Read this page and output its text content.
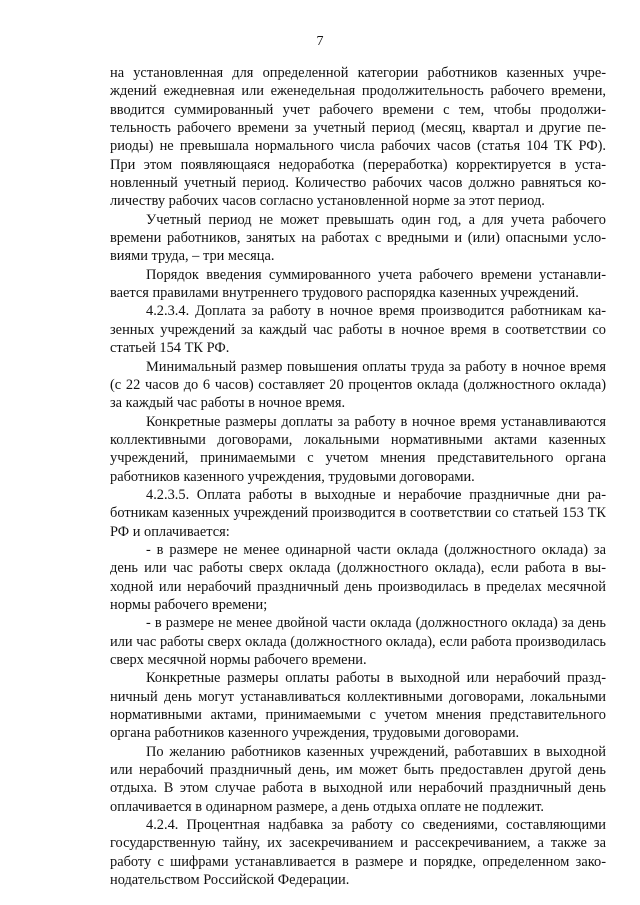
7

на установленная для определенной категории работников казенных учреждений ежедневная или еженедельная продолжительность рабочего времени, вводится суммированный учет рабочего времени с тем, чтобы продолжительность рабочего времени за учетный период (месяц, квартал и другие периоды) не превышала нормального числа рабочих часов (статья 104 ТК РФ). При этом появляющаяся недоработка (переработка) корректируется в установленный учетный период. Количество рабочих часов должно равняться количеству рабочих часов согласно установленной норме за этот период.

Учетный период не может превышать один год, а для учета рабочего времени работников, занятых на работах с вредными и (или) опасными условиями труда, – три месяца.

Порядок введения суммированного учета рабочего времени устанавливается правилами внутреннего трудового распорядка казенных учреждений.

4.2.3.4. Доплата за работу в ночное время производится работникам казенных учреждений за каждый час работы в ночное время в соответствии со статьей 154 ТК РФ.

Минимальный размер повышения оплаты труда за работу в ночное время (с 22 часов до 6 часов) составляет 20 процентов оклада (должностного оклада) за каждый час работы в ночное время.

Конкретные размеры доплаты за работу в ночное время устанавливаются коллективными договорами, локальными нормативными актами казенных учреждений, принимаемыми с учетом мнения представительного органа работников казенного учреждения, трудовыми договорами.

4.2.3.5. Оплата работы в выходные и нерабочие праздничные дни работникам казенных учреждений производится в соответствии со статьей 153 ТК РФ и оплачивается:

- в размере не менее одинарной части оклада (должностного оклада) за день или час работы сверх оклада (должностного оклада), если работа в выходной или нерабочий праздничный день производилась в пределах месячной нормы рабочего времени;

- в размере не менее двойной части оклада (должностного оклада) за день или час работы сверх оклада (должностного оклада), если работа производилась сверх месячной нормы рабочего времени.

Конкретные размеры оплаты работы в выходной или нерабочий праздничный день могут устанавливаться коллективными договорами, локальными нормативными актами, принимаемыми с учетом мнения представительного органа работников казенного учреждения, трудовыми договорами.

По желанию работников казенных учреждений, работавших в выходной или нерабочий праздничный день, им может быть предоставлен другой день отдыха. В этом случае работа в выходной или нерабочий праздничный день оплачивается в одинарном размере, а день отдыха оплате не подлежит.

4.2.4. Процентная надбавка за работу со сведениями, составляющими государственную тайну, их засекречиванием и рассекречиванием, а также за работу с шифрами устанавливается в размере и порядке, определенном законодательством Российской Федерации.
